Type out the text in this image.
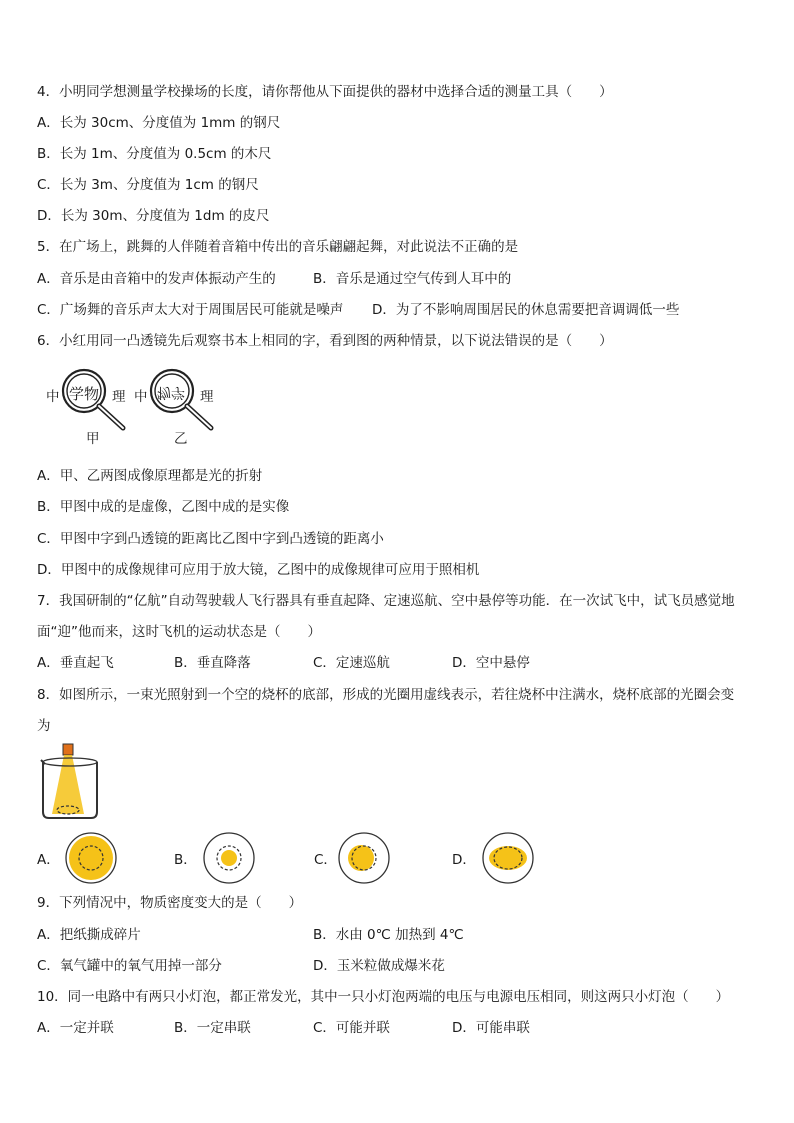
4．小明同学想测量学校操场的长度，请你帮他从下面提供的器材中选择合适的测量工具（　　）
A．长为 30cm、分度值为 1mm 的钢尺
B．长为 1m、分度值为 0.5cm 的木尺
C．长为 3m、分度值为 1cm 的钢尺
D．长为 30m、分度值为 1dm 的皮尺
5．在广场上，跳舞的人伴随着音箱中传出的音乐翩翩起舞，对此说法不正确的是
A．音乐是由音箱中的发声体振动产生的	B．音乐是通过空气传到人耳中的
C．广场舞的音乐声太大对于周围居民可能就是噪声 D．为了不影响周围居民的休息需要把音调调低一些
6．小红用同一凸透镜先后观察书本上相同的字，看到图的两种情景，以下说法错误的是（　　）
中 学物 理
甲
中 物学 理
乙
A．甲、乙两图成像原理都是光的折射
B．甲图中成的是虚像，乙图中成的是实像
C．甲图中字到凸透镜的距离比乙图中字到凸透镜的距离小
D．甲图中的成像规律可应用于放大镜，乙图中的成像规律可应用于照相机
7．我国研制的“亿航”自动驾驶载人飞行器具有垂直起降、定速巡航、空中悬停等功能．在一次试飞中，试飞员感觉地
面“迎”他而来，这时飞机的运动状态是（　　）
A．垂直起飞	B．垂直降落	C．定速巡航	D．空中悬停
8．如图所示，一束光照射到一个空的烧杯的底部，形成的光圈用虚线表示，若往烧杯中注满水，烧杯底部的光圈会变
为
A．	B．	C．	D．
9．下列情况中，物质密度变大的是（　　）
A．把纸撕成碎片	B．水由 0℃ 加热到 4℃
C．氧气罐中的氧气用掉一部分	D．玉米粒做成爆米花
10．同一电路中有两只小灯泡，都正常发光，其中一只小灯泡两端的电压与电源电压相同，则这两只小灯泡（　　）
A．一定并联	B．一定串联	C．可能并联	D．可能串联
